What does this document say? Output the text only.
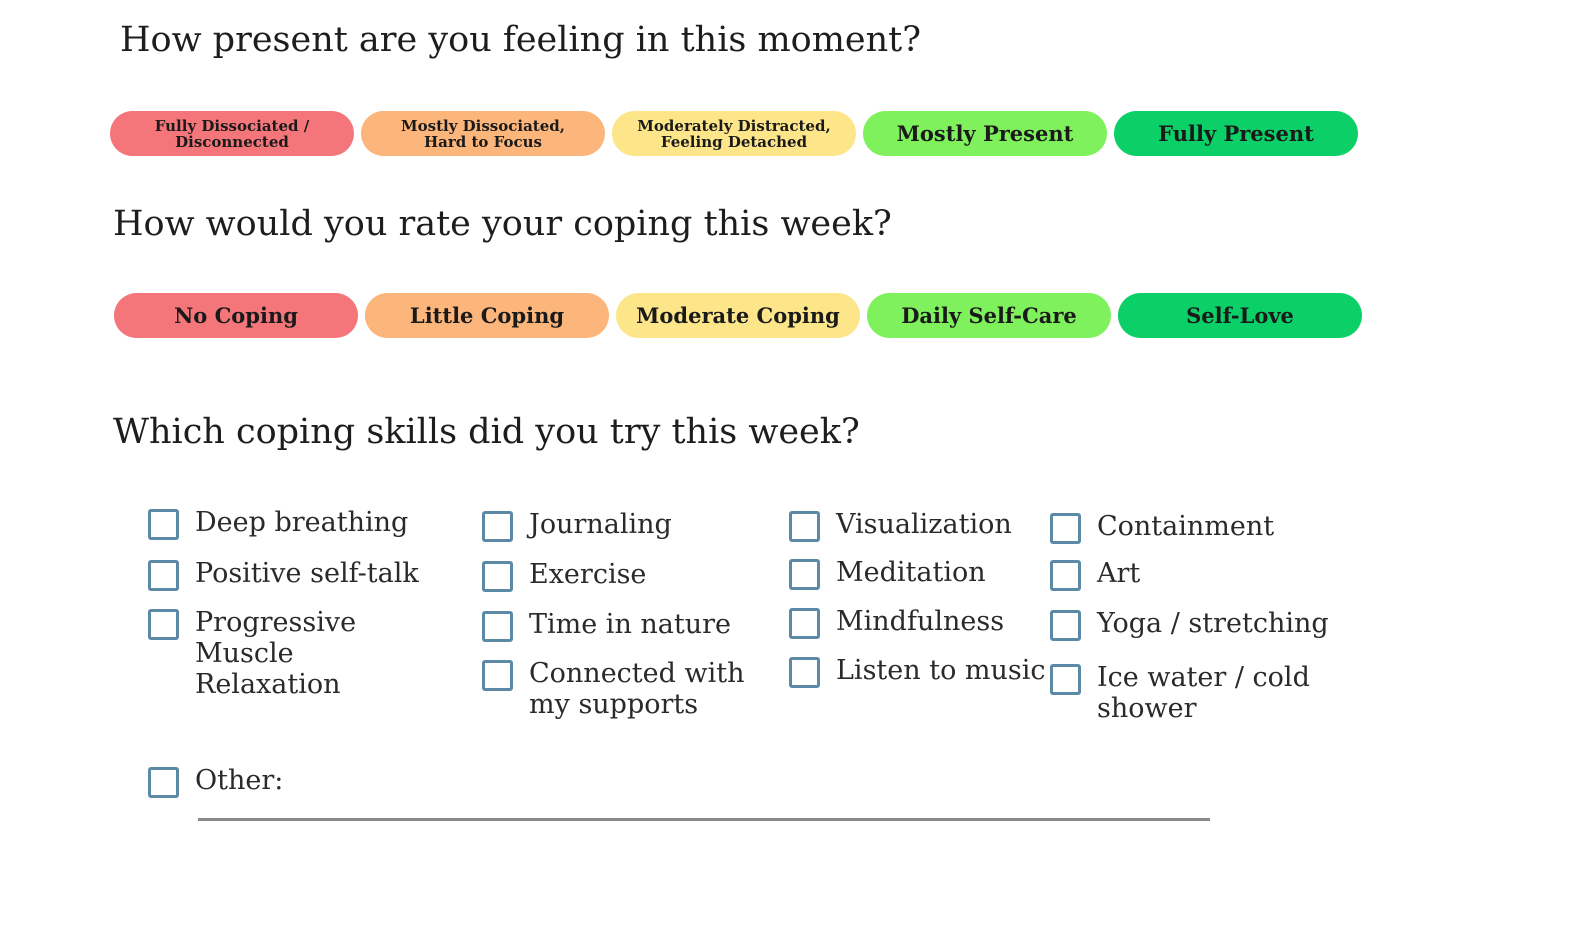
How present are you feeling in this moment?
Fully Dissociated /
Disconnected
Mostly Dissociated,
Hard to Focus
Moderately Distracted,
Feeling Detached	Mostly Present	Fully Present
How would you rate your coping this week?
No Coping	Little Coping	Moderate Coping	Daily Self-Care	Self-Love
Which coping skills did you try this week?
Deep breathing
Positive self-talk
Progressive
Muscle
Relaxation
Journaling
Exercise
Time in nature
Connected with
my supports
Visualization
Meditation
Mindfulness
Listen to music
Containment
Art
Yoga / stretching
Ice water / cold
shower
Other:
